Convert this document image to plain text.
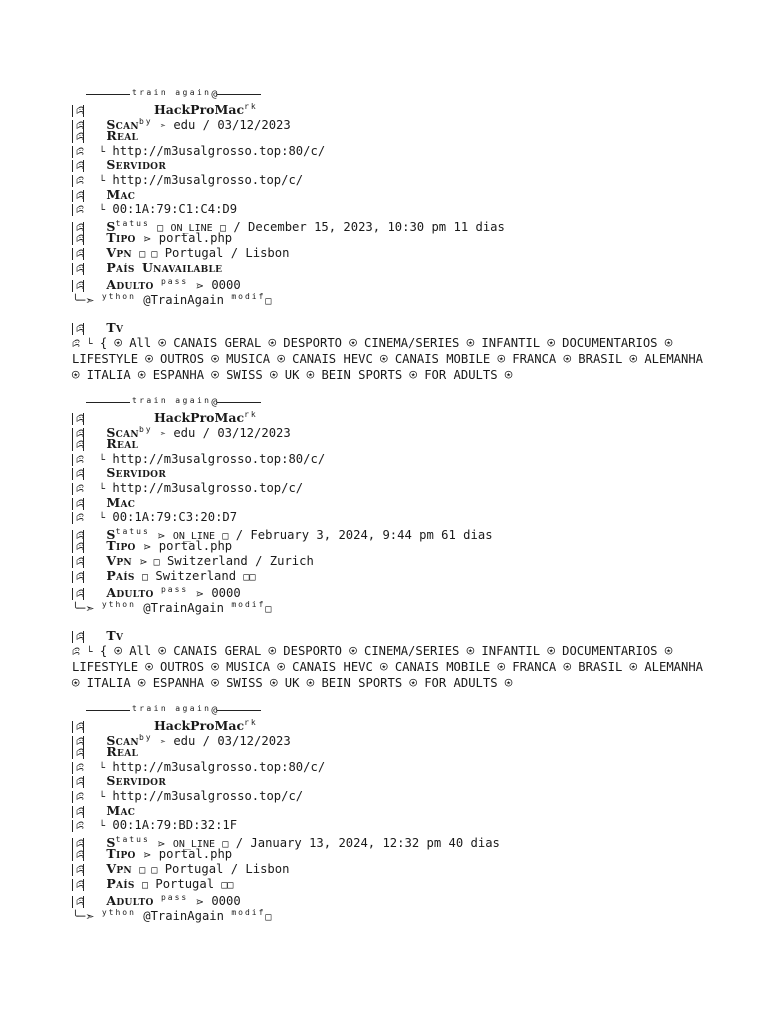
$^{train again}$@
ꕸ	HackProMac$^{rk}$
ꕸ Scan$^{by}$ ➣ edu / 03/12/2023
ꕸ Real
ꕸ └ http://m3usalgrosso.top:80/c/
ꕸ Servidor
ꕸ └ http://m3usalgrosso.top/c/
ꕸ Mac
ꕸ └ 00:1A:79:C1:C4:D9
ꕸ $S^{tatus}$ □ ON_LINE □ / December 15, 2023, 10:30 pm 11 dias
ꕸ Tipo ⋗ portal.php
ꕸ Vpn □ □ Portugal / Lisbon
ꕸ País Unavailable
ꕸ Adulto $^{pass}$ ⋗ 0000
╰─➣ $^{ython}$ @TrainAgain $^{modif}$□
ꕸ Tv
ꕸ └ { ⍟ All ⍟ CANAIS GERAL ⍟ DESPORTO ⍟ CINEMA/SERIES ⍟ INFANTIL ⍟ DOCUMENTARIOS ⍟ LIFESTYLE ⍟ OUTROS ⍟ MUSICA ⍟ CANAIS HEVC ⍟ CANAIS MOBILE ⍟ FRANCA ⍟ BRASIL ⍟ ALEMANHA ⍟ ITALIA ⍟ ESPANHA ⍟ SWISS ⍟ UK ⍟ BEIN SPORTS ⍟ FOR ADULTS ⍟
$^{train again}$@
ꕸ	HackProMac$^{rk}$
ꕸ Scan$^{by}$ ➣ edu / 03/12/2023
ꕸ Real
ꕸ └ http://m3usalgrosso.top:80/c/
ꕸ Servidor
ꕸ └ http://m3usalgrosso.top/c/
ꕸ Mac
ꕸ └ 00:1A:79:C3:20:D7
ꕸ $S^{tatus}$ ⋗ ON_LINE □ / February 3, 2024, 9:44 pm 61 dias
ꕸ Tipo ⋗ portal.php
ꕸ Vpn ⋗ □ Switzerland / Zurich
ꕸ País □ Switzerland □□
ꕸ Adulto $^{pass}$ ⋗ 0000
╰─➣ $^{ython}$ @TrainAgain $^{modif}$□
ꕸ Tv
ꕸ └ { ⍟ All ⍟ CANAIS GERAL ⍟ DESPORTO ⍟ CINEMA/SERIES ⍟ INFANTIL ⍟ DOCUMENTARIOS ⍟ LIFESTYLE ⍟ OUTROS ⍟ MUSICA ⍟ CANAIS HEVC ⍟ CANAIS MOBILE ⍟ FRANCA ⍟ BRASIL ⍟ ALEMANHA ⍟ ITALIA ⍟ ESPANHA ⍟ SWISS ⍟ UK ⍟ BEIN SPORTS ⍟ FOR ADULTS ⍟
$^{train again}$@
ꕸ	HackProMac$^{rk}$
ꕸ Scan$^{by}$ ➣ edu / 03/12/2023
ꕸ Real
ꕸ └ http://m3usalgrosso.top:80/c/
ꕸ Servidor
ꕸ └ http://m3usalgrosso.top/c/
ꕸ Mac
ꕸ └ 00:1A:79:BD:32:1F
ꕸ $S^{tatus}$ ⋗ ON_LINE □ / January 13, 2024, 12:32 pm 40 dias
ꕸ Tipo ⋗ portal.php
ꕸ Vpn □ □ Portugal / Lisbon
ꕸ País □ Portugal □□
ꕸ Adulto $^{pass}$ ⋗ 0000
╰─➣ $^{ython}$ @TrainAgain $^{modif}$□
